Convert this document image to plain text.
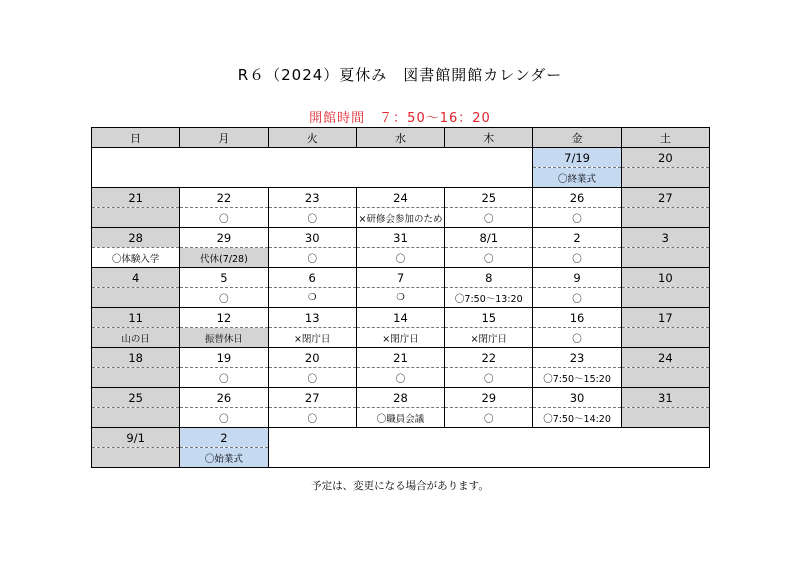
R６（2024）夏休み　図書館開館カレンダー
開館時間　７：50～16：20
日	月	火	水	木	金	土
					7/19	20
					〇終業式	
21	22	23	24	25	26	27
	〇	〇	×研修会参加のため	〇	〇	
28	29	30	31	8/1	2	3
〇体験入学	代休(7/28)	〇	〇	〇	〇	
4	5	6	7	8	9	10
	〇	❍	❍	〇7:50～13:20	〇	
11	12	13	14	15	16	17
山の日	振替休日	×閉庁日	×閉庁日	×閉庁日	〇	
18	19	20	21	22	23	24
	〇	〇	〇	〇	〇7:50～15:20	
25	26	27	28	29	30	31
	〇	〇	〇職員会議	〇	〇7:50～14:20	
9/1	2					
	〇始業式					
予定は、変更になる場合があります。
